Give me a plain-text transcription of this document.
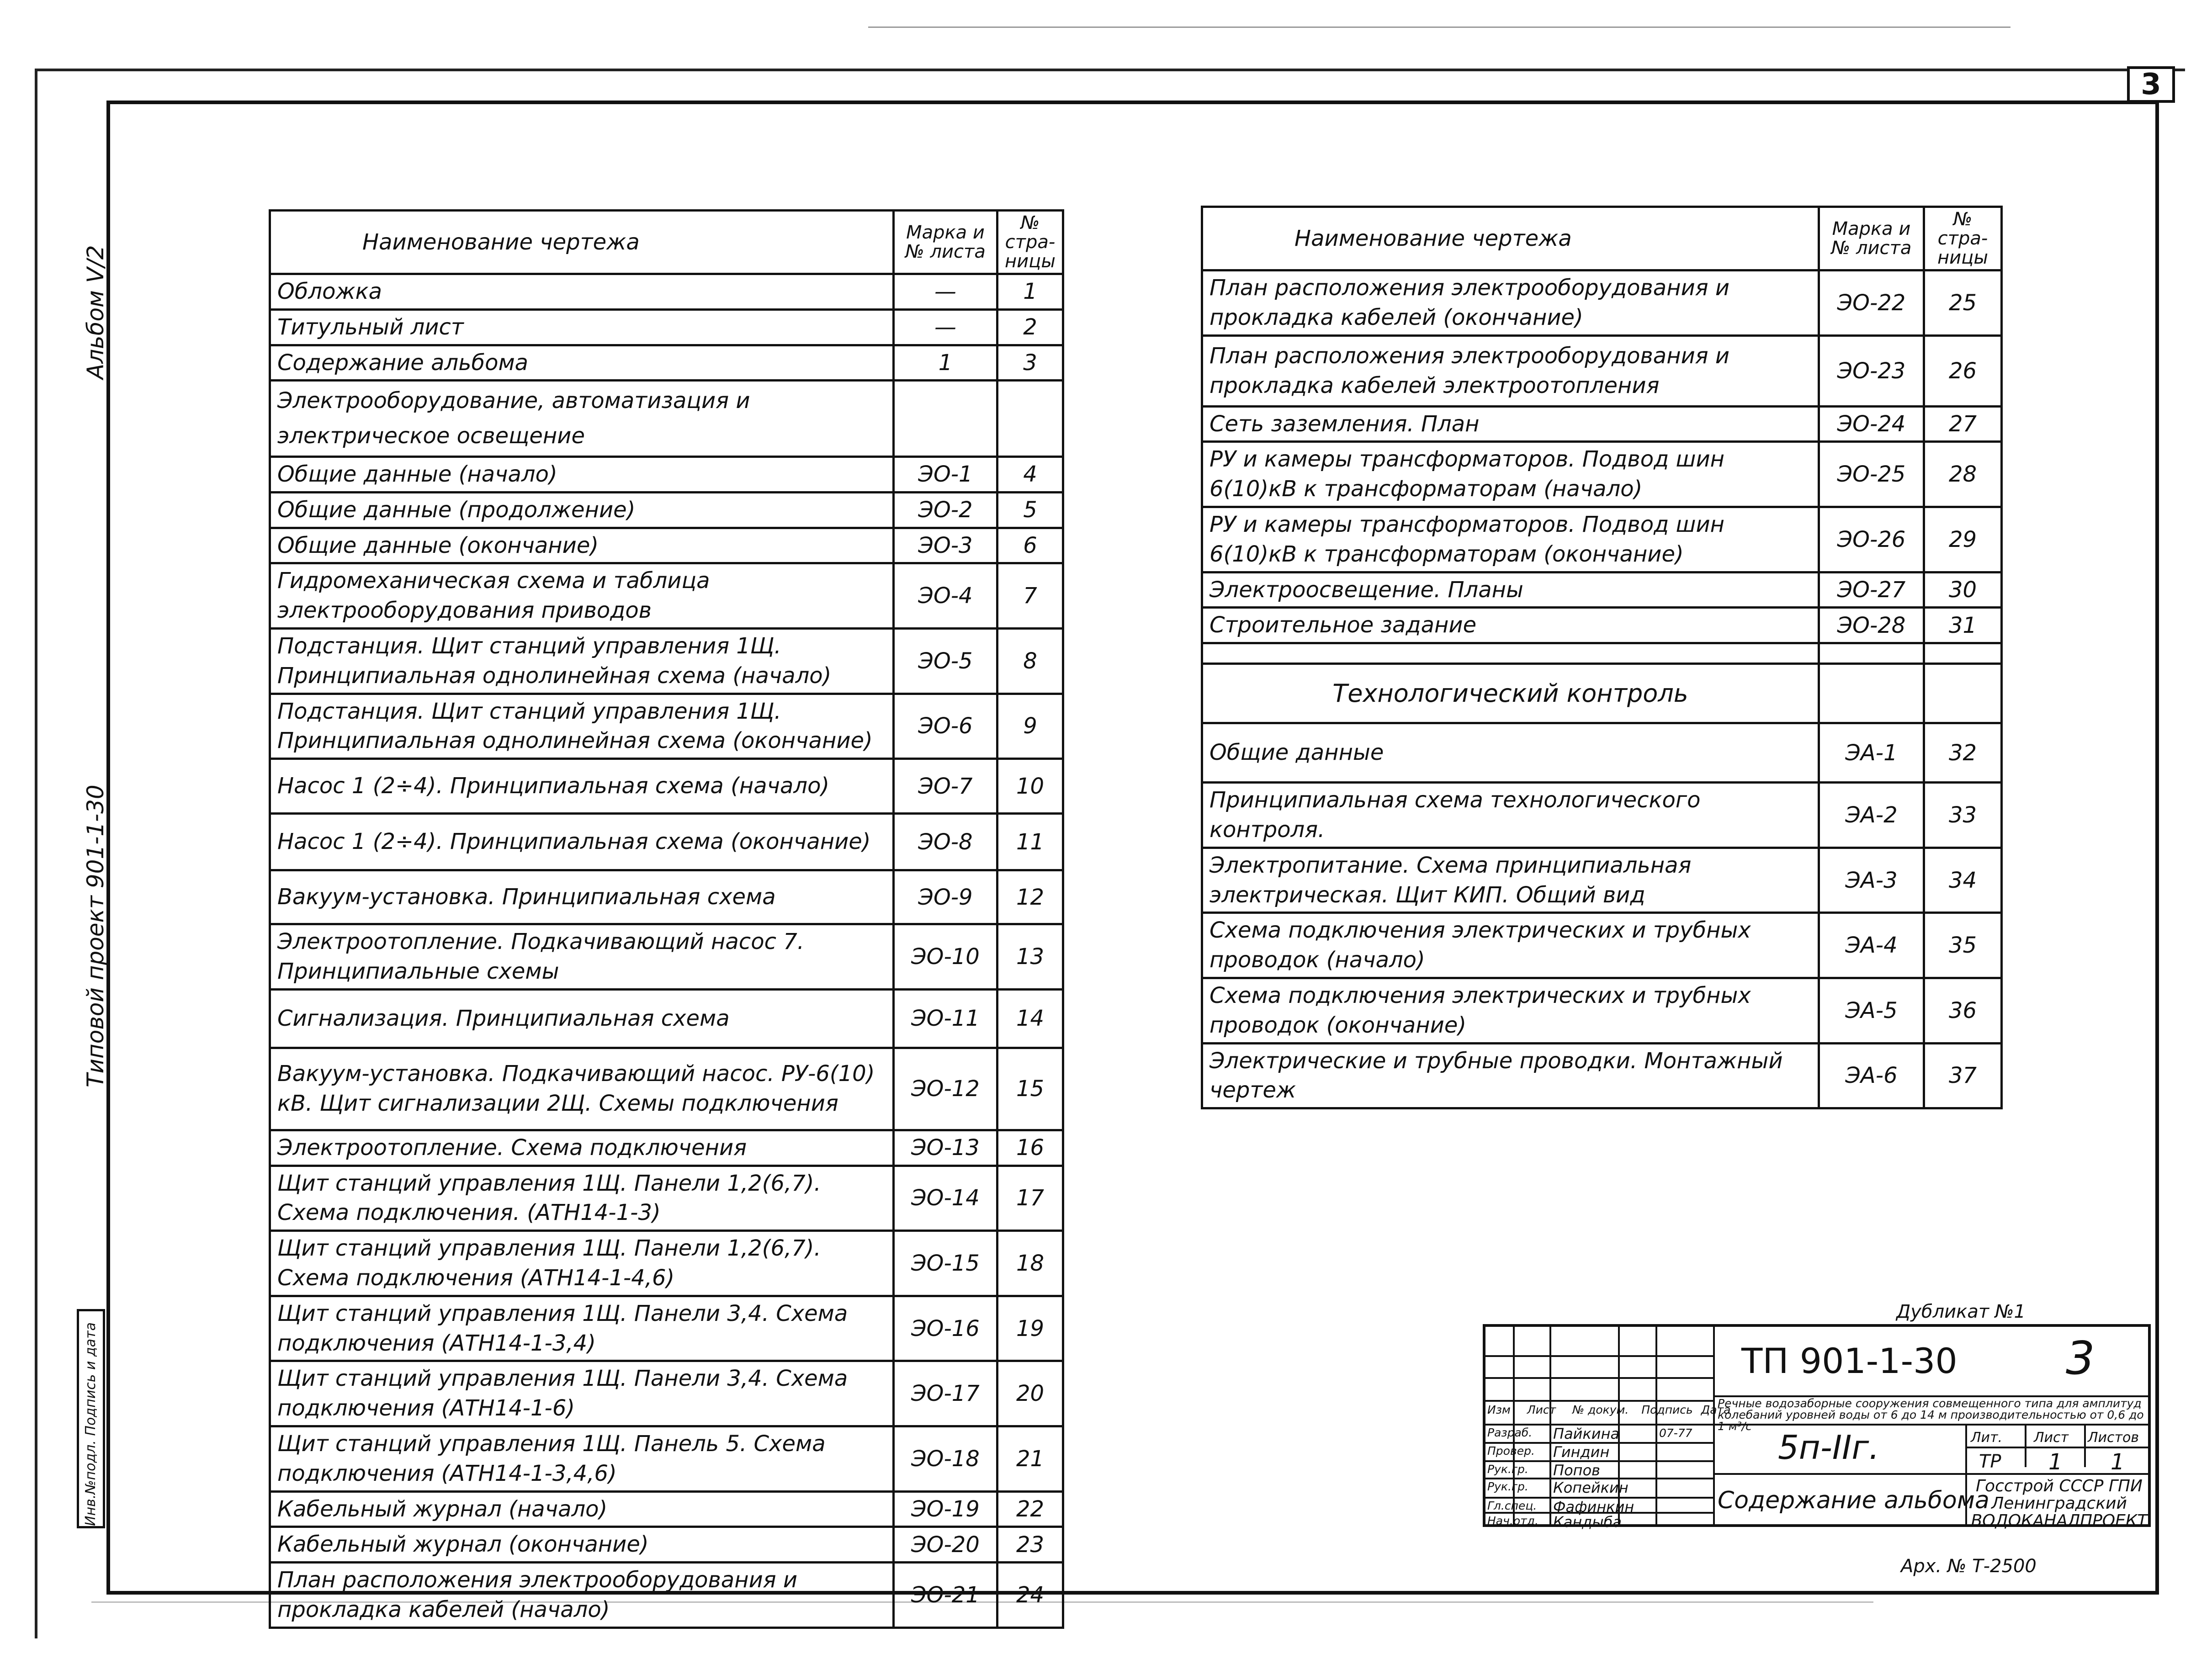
3
Альбом V/2
Типовой проект 901-1-30
Инв.№подл. Подпись и дата
Наименование чертежа	Марка и № листа	№ стра-ницы
Обложка	—	1
Титульный лист	—	2
Содержание альбома	1	3
Электрооборудование, автоматизация и электрическое освещение		
Общие данные (начало)	ЭО-1	4
Общие данные (продолжение)	ЭО-2	5
Общие данные (окончание)	ЭО-3	6
Гидромеханическая схема и таблица электрооборудования приводов	ЭО-4	7
Подстанция. Щит станций управления 1Щ. Принципиальная однолинейная схема (начало)	ЭО-5	8
Подстанция. Щит станций управления 1Щ. Принципиальная однолинейная схема (окончание)	ЭО-6	9
Насос 1 (2÷4). Принципиальная схема (начало)	ЭО-7	10
Насос 1 (2÷4). Принципиальная схема (окончание)	ЭО-8	11
Вакуум-установка. Принципиальная схема	ЭО-9	12
Электроотопление. Подкачивающий насос 7. Принципиальные схемы	ЭО-10	13
Сигнализация. Принципиальная схема	ЭО-11	14
Вакуум-установка. Подкачивающий насос. РУ-6(10) кВ. Щит сигнализации 2Щ. Схемы подключения	ЭО-12	15
Электроотопление. Схема подключения	ЭО-13	16
Щит станций управления 1Щ. Панели 1,2(6,7). Схема подключения. (АТН14-1-3)	ЭО-14	17
Щит станций управления 1Щ. Панели 1,2(6,7). Схема подключения (АТН14-1-4,6)	ЭО-15	18
Щит станций управления 1Щ. Панели 3,4. Схема подключения (АТН14-1-3,4)	ЭО-16	19
Щит станций управления 1Щ. Панели 3,4. Схема подключения (АТН14-1-6)	ЭО-17	20
Щит станций управления 1Щ. Панель 5. Схема подключения (АТН14-1-3,4,6)	ЭО-18	21
Кабельный журнал (начало)	ЭО-19	22
Кабельный журнал (окончание)	ЭО-20	23
План расположения электрооборудования и прокладка кабелей (начало)	ЭО-21	24
Наименование чертежа	Марка и № листа	№ стра-ницы
План расположения электрооборудования и прокладка кабелей (окончание)	ЭО-22	25
План расположения электрооборудования и прокладка кабелей электроотопления	ЭО-23	26
Сеть заземления. План	ЭО-24	27
РУ и камеры трансформаторов. Подвод шин 6(10)кВ к трансформаторам (начало)	ЭО-25	28
РУ и камеры трансформаторов. Подвод шин 6(10)кВ к трансформаторам (окончание)	ЭО-26	29
Электроосвещение. Планы	ЭО-27	30
Строительное задание	ЭО-28	31

Технологический контроль		
Общие данные	ЭА-1	32
Принципиальная схема технологического контроля.	ЭА-2	33
Электропитание. Схема принципиальная электрическая. Щит КИП. Общий вид	ЭА-3	34
Схема подключения электрических и трубных проводок (начало)	ЭА-4	35
Схема подключения электрических и трубных проводок (окончание)	ЭА-5	36
Электрические и трубные проводки. Монтажный чертеж	ЭА-6	37
Дубликат №1
Изм Лист № докум. Подпись Дата
Разраб. Пайкина
Провер. Гиндин
Рук.гр. Попов
Рук.гр. Копейкин
Гл.спец. Фафинкин
Нач.отд. Кандыба
07-77
ТП 901-1-30 3
Речные водозаборные сооружения совмещенного типа для амплитуд колебаний уровней воды от 6 до 14 м производительностью от 0,6 до 1 м³/с
5п-IIг.
Содержание альбома
Лит. Лист Листов
ТР 1 1
Госстрой СССР ГПИ Ленинградский ВОДОКАНАЛПРОЕКТ
Арх. № Т-2500
